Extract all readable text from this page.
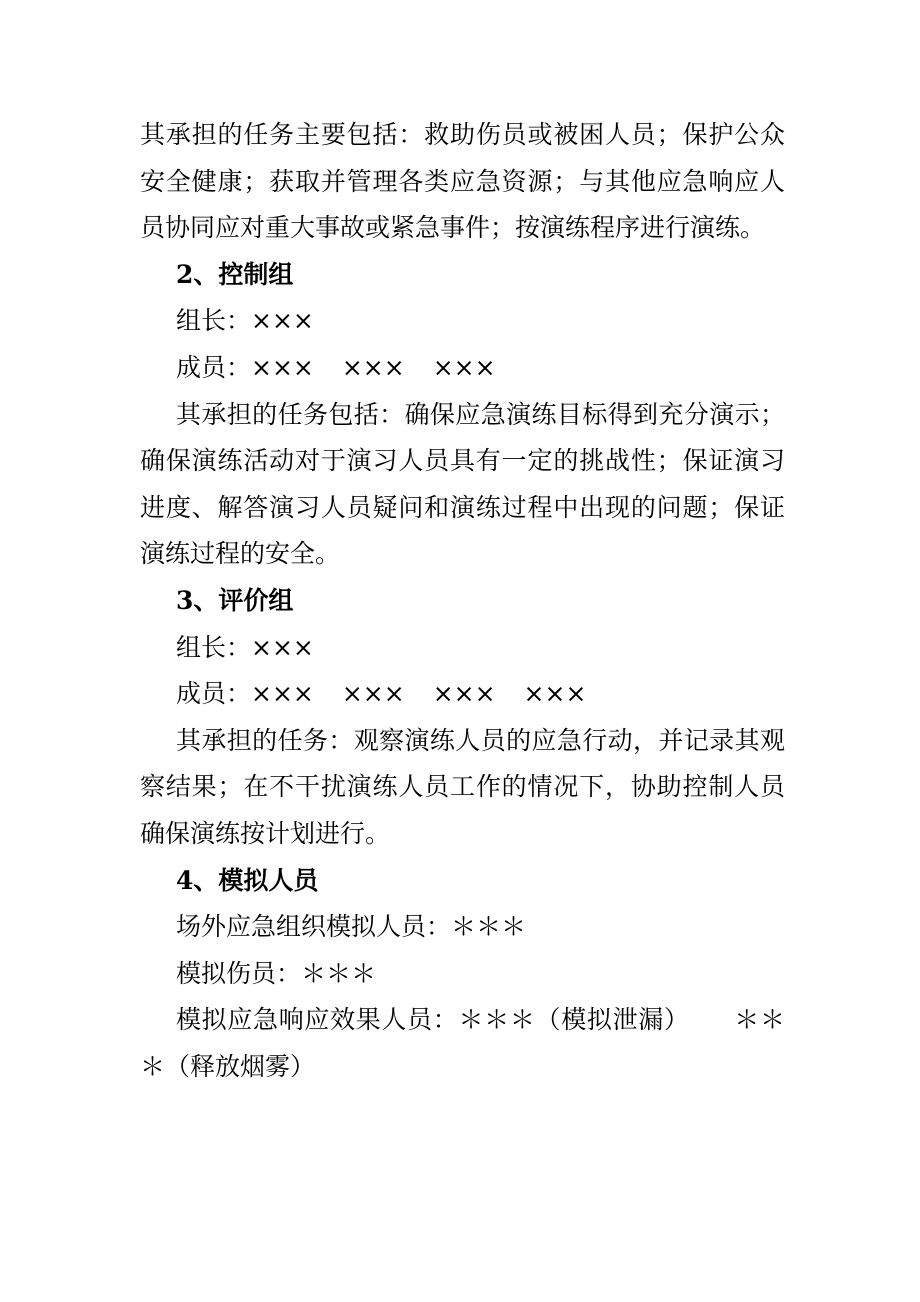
其承担的任务主要包括：救助伤员或被困人员；保护公众安全健康；获取并管理各类应急资源；与其他应急响应人员协同应对重大事故或紧急事件；按演练程序进行演练。

2、控制组

组长：×××

成员：××× ××× ×××

其承担的任务包括：确保应急演练目标得到充分演示；确保演练活动对于演习人员具有一定的挑战性；保证演习进度、解答演习人员疑问和演练过程中出现的问题；保证演练过程的安全。

3、评价组

组长：×××

成员：××× ××× ××× ×××

其承担的任务：观察演练人员的应急行动，并记录其观察结果；在不干扰演练人员工作的情况下，协助控制人员确保演练按计划进行。

4、模拟人员

场外应急组织模拟人员：＊＊＊

模拟伤员：＊＊＊

模拟应急响应效果人员：＊＊＊（模拟泄漏） ＊＊＊（释放烟雾）
